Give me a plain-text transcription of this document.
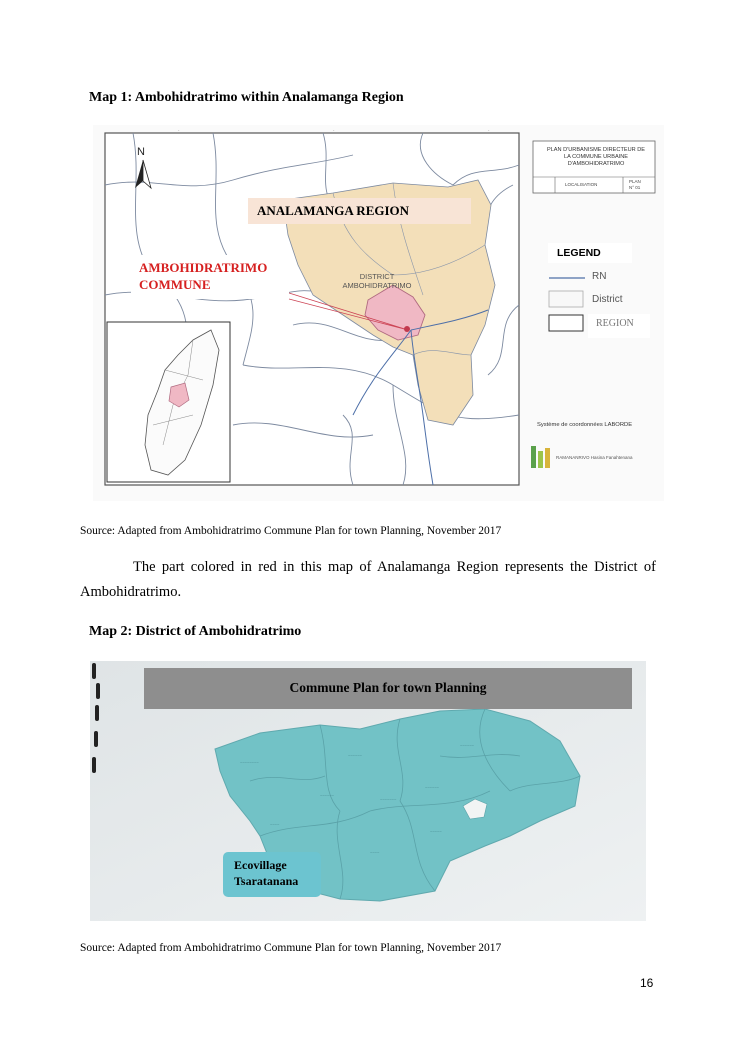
Map 1: Ambohidratrimo within Analamanga Region
-	-	-
PLAN D'URBANISME DIRECTEUR DE
LA COMMUNE URBAINE
D'AMBOHIDRATRIMO
LOCALISATION
PLAN
N° 01
N
ANALAMANGA REGION
AMBOHIDRATRIMO
COMMUNE
DISTRICT
AMBOHIDRATRIMO
LEGEND
RN
District
REGION
Système de coordonnées LABORDE
RAMANANRIVO Hasina Fanahtenana
Source: Adapted from Ambohidratrimo Commune Plan for town Planning, November 2017
The part colored in red in this map of Analamanga Region represents the District of Ambohidratrimo.
Map 2: District of Ambohidratrimo
~~~~~~~~
~~~~~~
~~~~~~
~~~~~~
~~~~~~~
~~~~~~
~~~~
~~~~~
~~~~
Commune Plan for town Planning
Ecovillage
Tsaratanana
Source: Adapted from Ambohidratrimo Commune Plan for town Planning, November 2017
16
